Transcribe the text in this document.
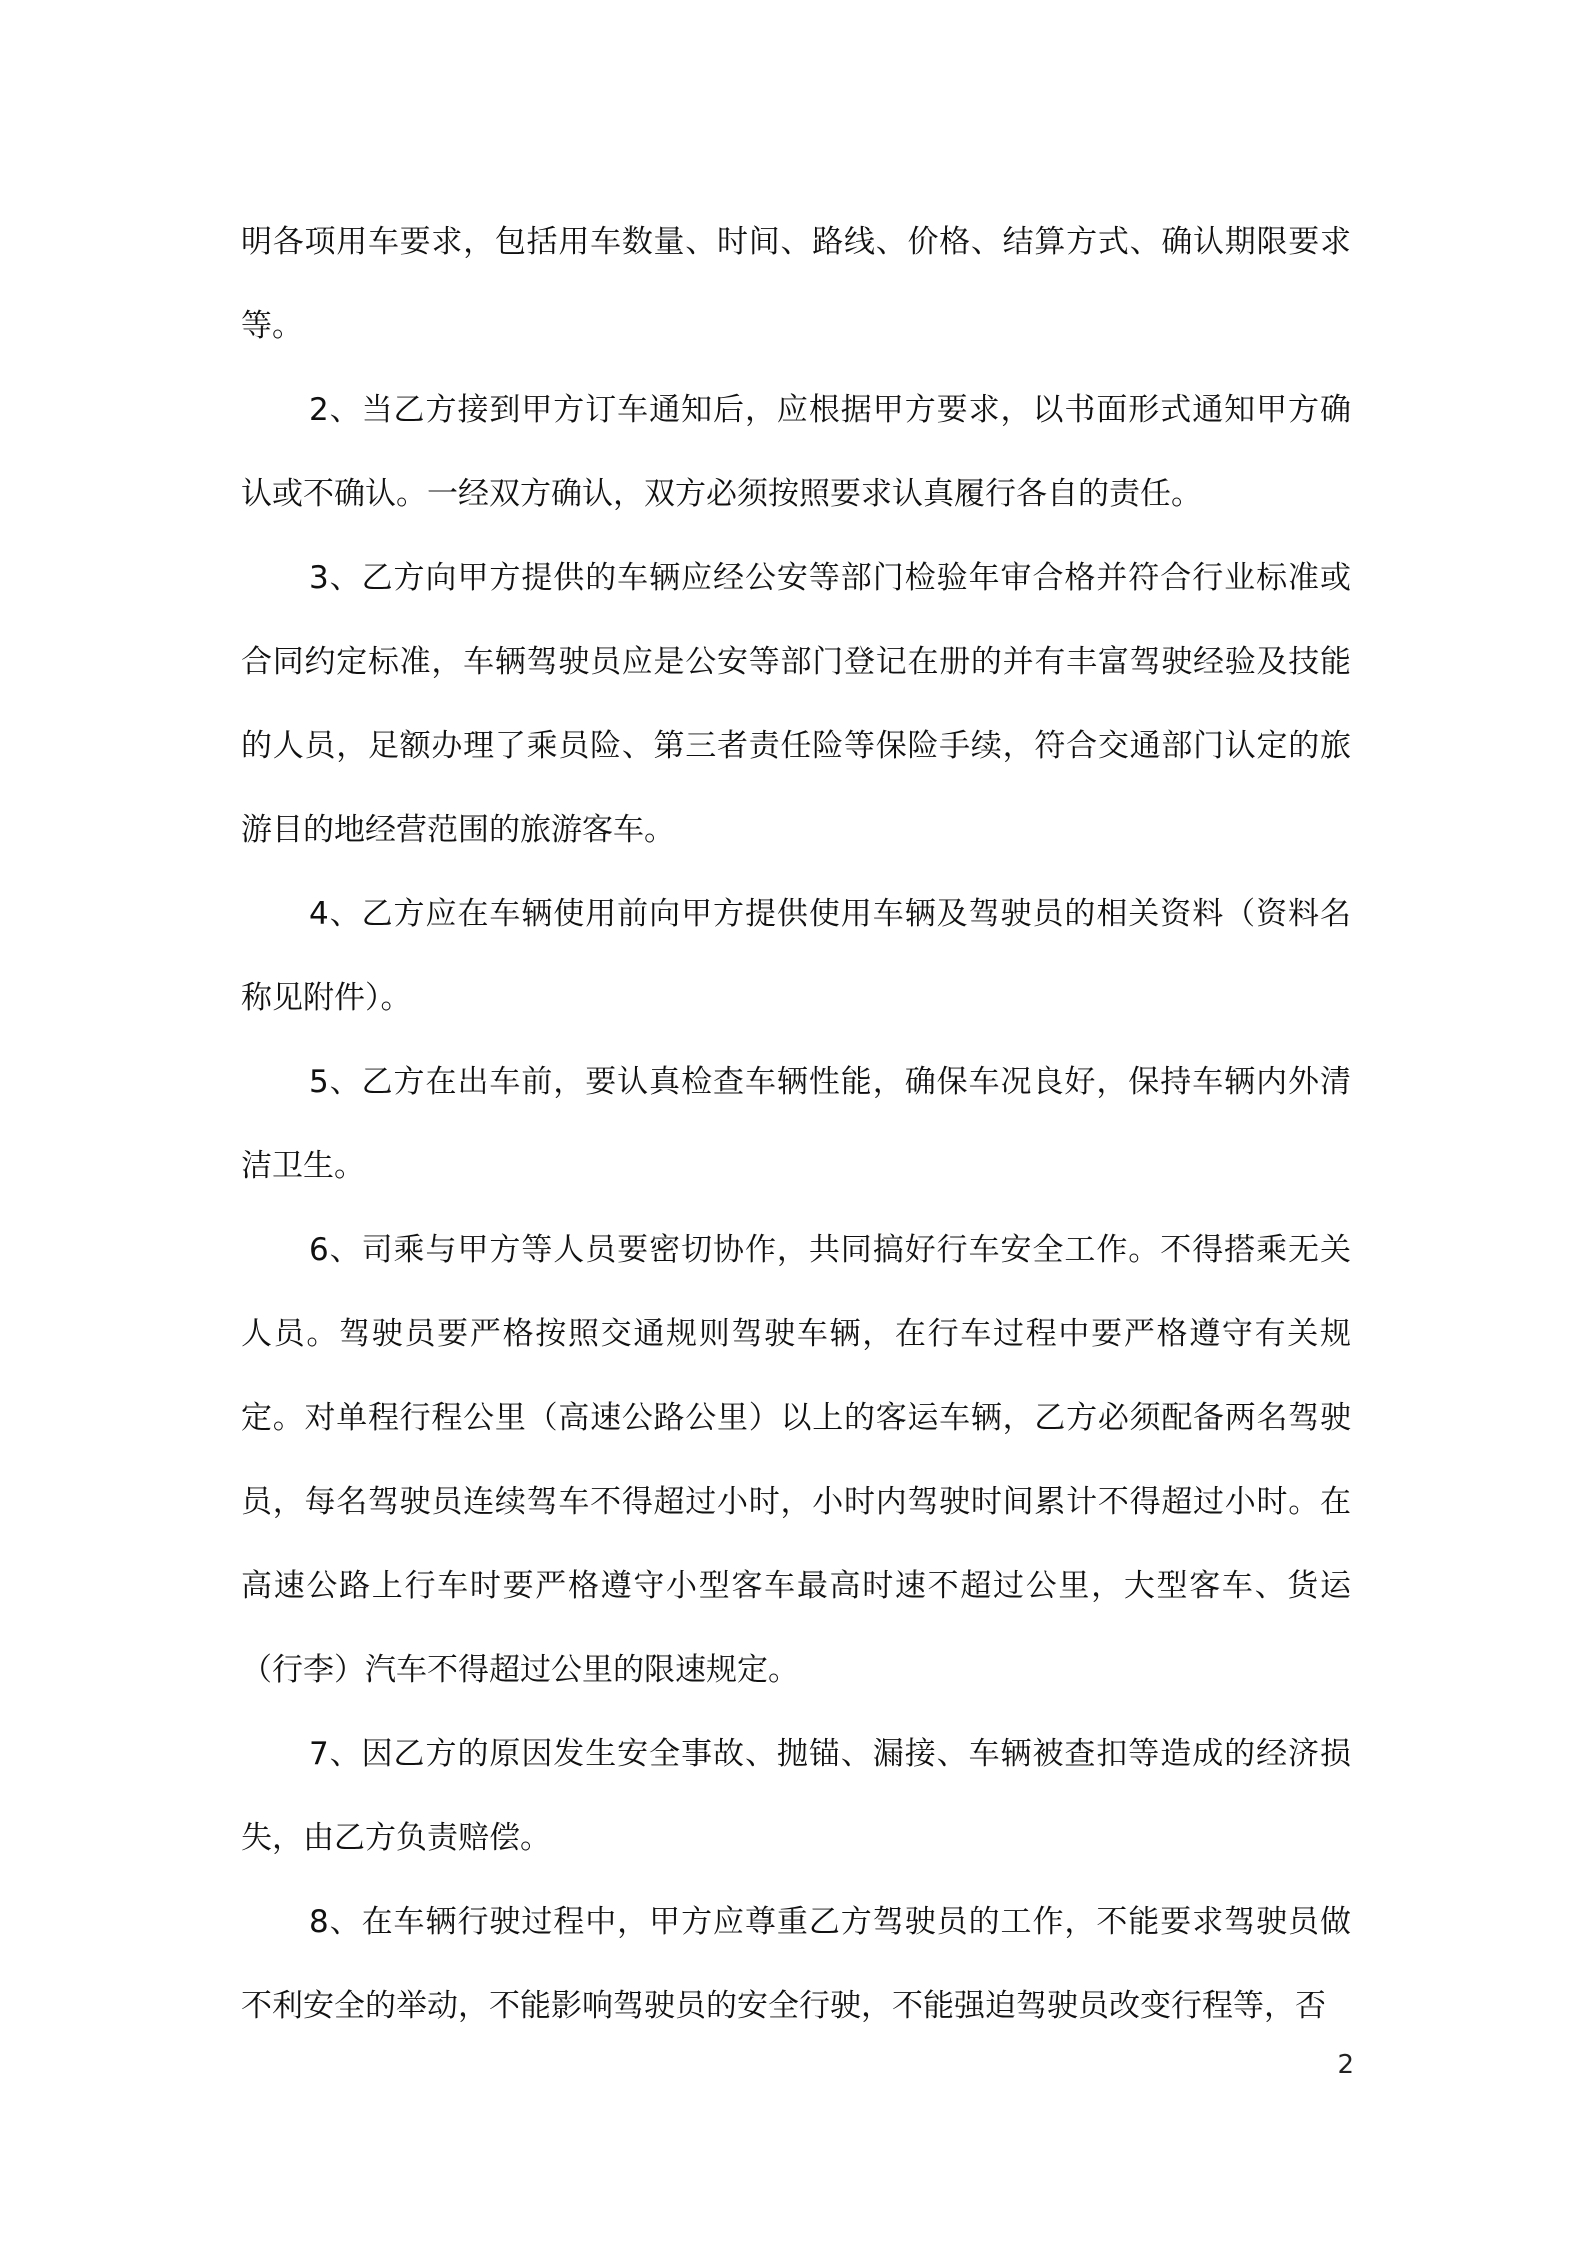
明各项用车要求，包括用车数量、时间、路线、价格、结算方式、确认期限要求等。

2、当乙方接到甲方订车通知后，应根据甲方要求，以书面形式通知甲方确认或不确认。一经双方确认，双方必须按照要求认真履行各自的责任。

3、乙方向甲方提供的车辆应经公安等部门检验年审合格并符合行业标准或合同约定标准，车辆驾驶员应是公安等部门登记在册的并有丰富驾驶经验及技能的人员，足额办理了乘员险、第三者责任险等保险手续，符合交通部门认定的旅游目的地经营范围的旅游客车。

4、乙方应在车辆使用前向甲方提供使用车辆及驾驶员的相关资料（资料名称见附件）。

5、乙方在出车前，要认真检查车辆性能，确保车况良好，保持车辆内外清洁卫生。

6、司乘与甲方等人员要密切协作，共同搞好行车安全工作。不得搭乘无关人员。驾驶员要严格按照交通规则驾驶车辆，在行车过程中要严格遵守有关规定。对单程行程公里（高速公路公里）以上的客运车辆，乙方必须配备两名驾驶员，每名驾驶员连续驾车不得超过小时，小时内驾驶时间累计不得超过小时。在高速公路上行车时要严格遵守小型客车最高时速不超过公里，大型客车、货运（行李）汽车不得超过公里的限速规定。

7、因乙方的原因发生安全事故、抛锚、漏接、车辆被查扣等造成的经济损失，由乙方负责赔偿。

8、在车辆行驶过程中，甲方应尊重乙方驾驶员的工作，不能要求驾驶员做不利安全的举动，不能影响驾驶员的安全行驶，不能强迫驾驶员改变行程等，否

2
